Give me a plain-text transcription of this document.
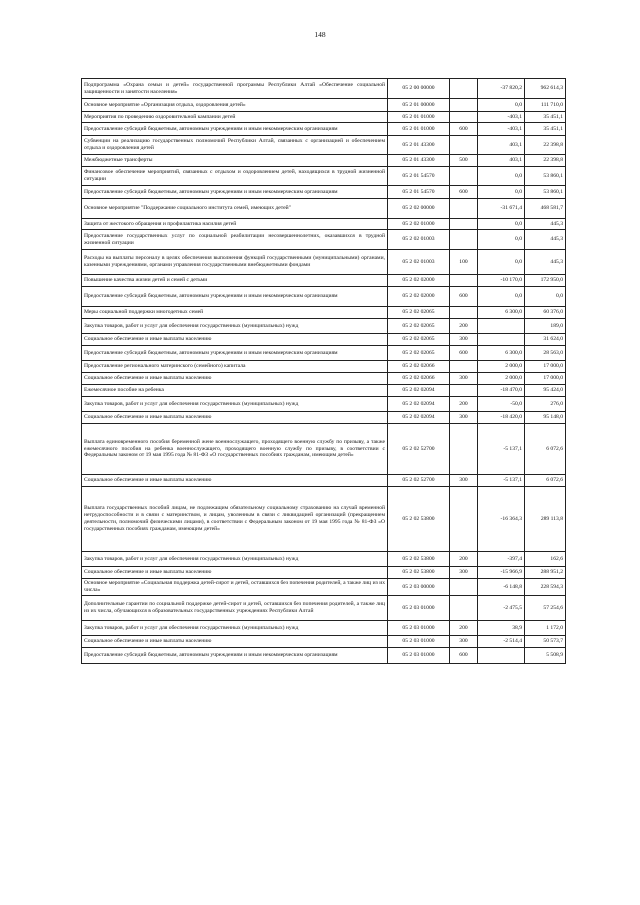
148
Подпрограмма «Охрана семьи и детей» государственной программы Республики Алтай «Обеспечение социальной защищенности и занятости населения»	05 2 00 00000		-37 820,2	962 614,3
Основное мероприятие «Организация отдыха, оздоровления детей»	05 2 01 00000		0,0	111 710,0
Мероприятия по проведению оздоровительной кампании детей	05 2 01 01000		-403,1	35 451,1
Предоставление субсидий бюджетным, автономным учреждениям и иным некоммерческим организациям	05 2 01 01000	600	-403,1	35 451,1
Субвенции на реализацию государственных полномочий Республики Алтай, связанных с организацией и обеспечением отдыха и оздоровления детей	05 2 01 43300		403,1	22 398,8
Межбюджетные трансферты	05 2 01 43300	500	403,1	22 398,8
Финансовое обеспечение мероприятий, связанных с отдыхом и оздоровлением детей, находящихся в трудной жизненной ситуации	05 2 01 54570		0,0	53 860,1
Предоставление субсидий бюджетным, автономным учреждениям и иным некоммерческим организациям	05 2 01 54570	600	0,0	53 860,1
Основное мероприятие "Поддержание социального института семей, имеющих детей"	05 2 02 00000		-31 671,4	468 581,7
Защита от жестокого обращения и профилактика насилия детей	05 2 02 01000		0,0	445,3
Предоставление государственных услуг по социальной реабилитации несовершеннолетних, оказавшихся в трудной жизненной ситуации	05 2 02 01003		0,0	445,3
Расходы на выплаты персоналу в целях обеспечения выполнения функций государственными (муниципальными) органами, казенными учреждениями, органами управления государственными внебюджетными фондами	05 2 02 01003	100	0,0	445,3
Повышение качества жизни детей и семей с детьми	05 2 02 02000		-10 170,0	172 950,0
Предоставление субсидий бюджетным, автономным учреждениям и иным некоммерческим организациям	05 2 02 02000	600	0,0	0,0
Меры социальной поддержки многодетных семей	05 2 02 02065		6 300,0	60 376,0
Закупка товаров, работ и услуг для обеспечения государственных (муниципальных) нужд	05 2 02 02065	200		189,0
Социальное обеспечение и иные выплаты населению	05 2 02 02065	300		31 624,0
Предоставление субсидий бюджетным, автономным учреждениям и иным некоммерческим организациям	05 2 02 02065	600	6 300,0	28 563,0
Предоставление регионального материнского (семейного) капитала	05 2 02 02066		2 000,0	17 000,0
Социальное обеспечение и иные выплаты населению	05 2 02 02066	300	2 000,0	17 000,0
Ежемесячное пособие на ребенка	05 2 02 02094		-18 470,0	95 424,0
Закупка товаров, работ и услуг для обеспечения государственных (муниципальных) нужд	05 2 02 02094	200	-50,0	276,0
Социальное обеспечение и иные выплаты населению	05 2 02 02094	300	-18 420,0	95 148,0
Выплата единовременного пособия беременной жене военнослужащего, проходящего военную службу по призыву, а также ежемесячного пособия на ребенка военнослужащего, проходящего военную службу по призыву, в соответствии с Федеральным законом от 19 мая 1995 года № 81-ФЗ «О государственных пособиях гражданам, имеющим детей»	05 2 02 52700		-5 137,1	6 072,6
Социальное обеспечение и иные выплаты населению	05 2 02 52700	300	-5 137,1	6 072,6
Выплата государственных пособий лицам, не подлежащим обязательному социальному страхованию на случай временной нетрудоспособности и в связи с материнством, и лицам, уволенным в связи с ликвидацией организаций (прекращением деятельности, полномочий физическими лицами), в соответствии с Федеральным законом от 19 мая 1995 года № 81-ФЗ «О государственных пособиях гражданам, имеющим детей»	05 2 02 53800		-16 364,3	289 113,8
Закупка товаров, работ и услуг для обеспечения государственных (муниципальных) нужд	05 2 02 53800	200	-397,4	162,6
Социальное обеспечение и иные выплаты населению	05 2 02 53800	300	-15 966,9	288 951,2
Основное мероприятие «Социальная поддержка детей-сирот и детей, оставшихся без попечения родителей, а также лиц из их числа»	05 2 03 00000		-6 148,8	228 594,3
Дополнительные гарантии по социальной поддержке детей-сирот и детей, оставшихся без попечения родителей, а также лиц из их числа, обучающихся в образовательных государственных учреждениях Республики Алтай	05 2 03 01000		-2 475,5	57 254,6
Закупка товаров, работ и услуг для обеспечения государственных (муниципальных) нужд	05 2 03 01000	200	38,9	1 172,0
Социальное обеспечение и иные выплаты населению	05 2 03 01000	300	-2 514,4	50 573,7
Предоставление субсидий бюджетным, автономным учреждениям и иным некоммерческим организациям	05 2 03 01000	600		5 508,9
